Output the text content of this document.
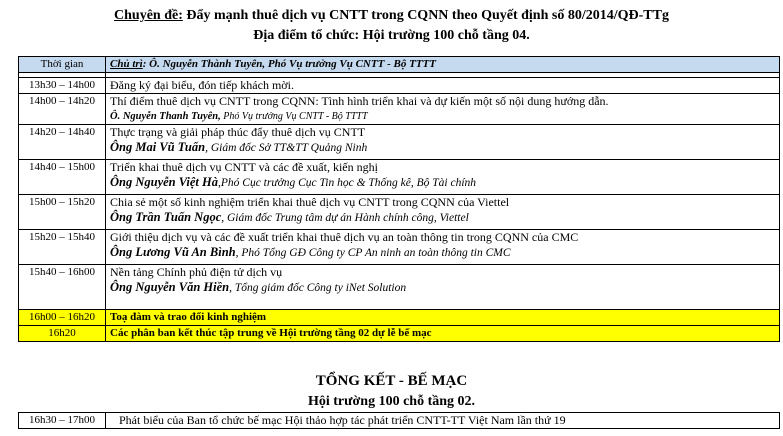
Chuyên đề: Đẩy mạnh thuê dịch vụ CNTT trong CQNN theo Quyết định số 80/2014/QĐ-TTg
Địa điểm tổ chức: Hội trường 100 chỗ tầng 04.
Thời gian	Chủ trì: Ô. Nguyễn Thành Tuyên, Phó Vụ trưởng Vụ CNTT - Bộ TTTT

13h30 – 14h00	Đăng ký đại biểu, đón tiếp khách mời.
14h00 – 14h20	Thí điểm thuê dịch vụ CNTT trong CQNN: Tình hình triển khai và dự kiến một số nội dung hướng dẫn.
Ô. Nguyễn Thanh Tuyên, Phó Vụ trưởng Vụ CNTT - Bộ TTTT

14h20 – 14h40	Thực trạng và giải pháp thúc đẩy thuê dịch vụ CNTT
Ông Mai Vũ Tuấn, Giám đốc Sở TT&TT Quảng Ninh

14h40 – 15h00	Triển khai thuê dịch vụ CNTT và các đề xuất, kiến nghị
Ông Nguyễn Việt Hà,Phó Cục trưởng Cục Tin học & Thống kê, Bộ Tài chính

15h00 – 15h20	Chia sẻ một số kinh nghiệm triển khai thuê dịch vụ CNTT trong CQNN của Viettel
Ông Trần Tuấn Ngọc, Giám đốc Trung tâm dự án Hành chính công, Viettel

15h20 – 15h40	Giới thiệu dịch vụ và các đề xuất triển khai thuê dịch vụ an toàn thông tin trong CQNN của CMC
Ông Lương Vũ An Bình, Phó Tổng GĐ Công ty CP An ninh an toàn thông tin CMC

15h40 – 16h00	Nền tảng Chính phủ điện tử dịch vụ
Ông Nguyễn Văn Hiền, Tổng giám đốc Công ty iNet Solution

16h00 – 16h20	Toạ đàm và trao đổi kinh nghiệm
16h20	Các phân ban kết thúc tập trung về Hội trường tầng 02 dự lễ bế mạc
TỔNG KẾT - BẾ MẠC
Hội trường 100 chỗ tầng 02.
16h30 – 17h00	Phát biểu của Ban tổ chức bế mạc Hội thảo hợp tác phát triển CNTT-TT Việt Nam lần thứ 19
